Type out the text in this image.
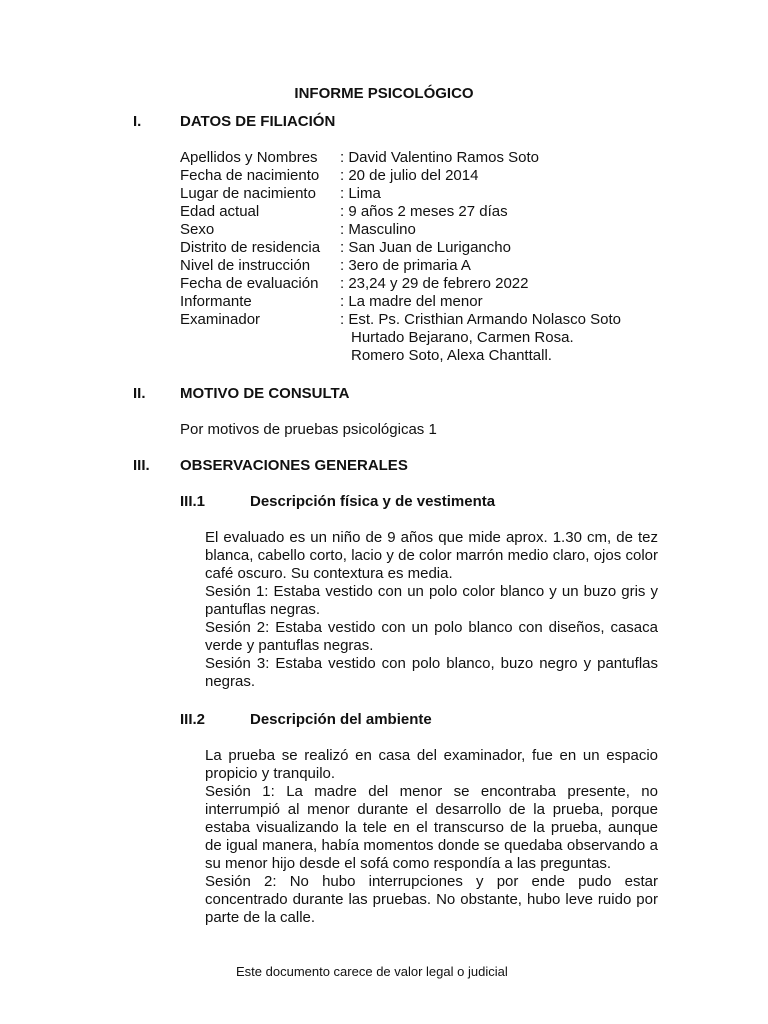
INFORME PSICOLÓGICO
I.	DATOS DE FILIACIÓN
Apellidos y Nombres	: David Valentino Ramos Soto
Fecha de nacimiento	: 20 de julio del 2014
Lugar de nacimiento	: Lima
Edad actual	: 9 años 2 meses 27 días
Sexo	: Masculino
Distrito de residencia	: San Juan de Lurigancho
Nivel de instrucción	: 3ero de primaria A
Fecha de evaluación	: 23,24 y 29 de febrero 2022
Informante	: La madre del menor
Examinador	: Est. Ps. Cristhian Armando Nolasco Soto
Hurtado Bejarano, Carmen Rosa.
Romero Soto, Alexa Chanttall.
II. MOTIVO DE CONSULTA
Por motivos de pruebas psicológicas 1
III. OBSERVACIONES GENERALES
III.1	Descripción física y de vestimenta

El evaluado es un niño de 9 años que mide aprox. 1.30 cm, de tez blanca, cabello corto, lacio y de color marrón medio claro, ojos color café oscuro. Su contextura es media.

Sesión 1: Estaba vestido con un polo color blanco y un buzo gris y pantuflas negras.

Sesión 2: Estaba vestido con un polo blanco con diseños, casaca verde y pantuflas negras.

Sesión 3: Estaba vestido con polo blanco, buzo negro y pantuflas negras.

III.2	Descripción del ambiente

La prueba se realizó en casa del examinador, fue en un espacio propicio y tranquilo.

Sesión 1: La madre del menor se encontraba presente, no interrumpió al menor durante el desarrollo de la prueba, porque estaba visualizando la tele en el transcurso de la prueba, aunque de igual manera, había momentos donde se quedaba observando a su menor hijo desde el sofá como respondía a las preguntas.

Sesión 2: No hubo interrupciones y por ende pudo estar concentrado durante las pruebas. No obstante, hubo leve ruido por parte de la calle.

Este documento carece de valor legal o judicial
